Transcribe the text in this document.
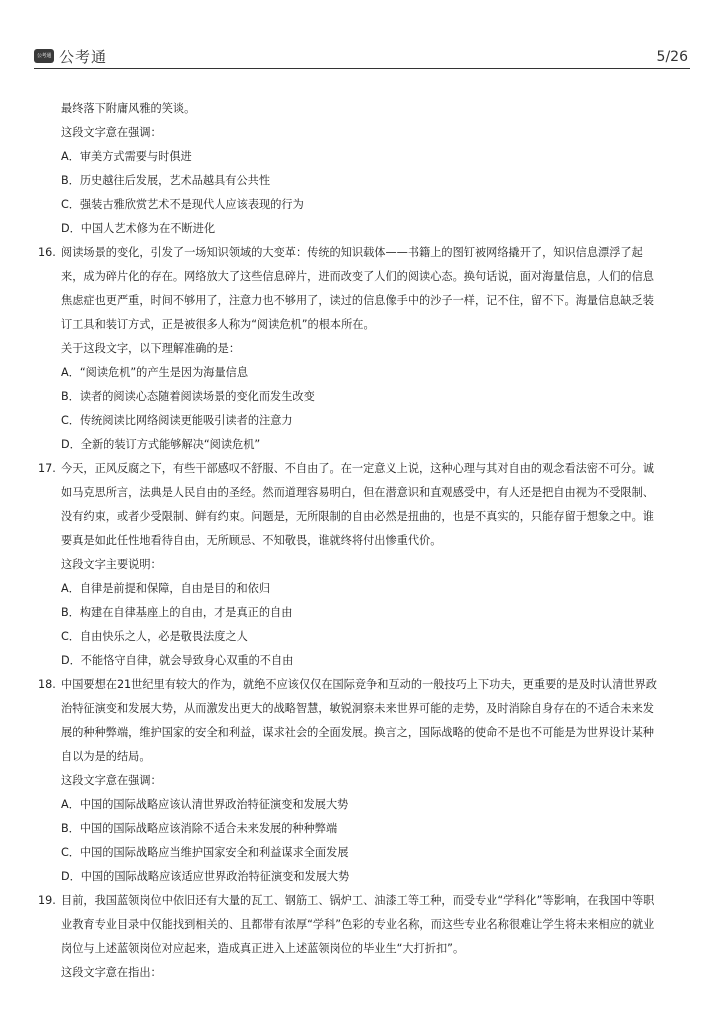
公考通 公考通	5/26
最终落下附庸风雅的笑谈。
这段文字意在强调：
A．审美方式需要与时俱进
B．历史越往后发展，艺术品越具有公共性
C．强装古雅欣赏艺术不是现代人应该表现的行为
D．中国人艺术修为在不断进化
16. 阅读场景的变化，引发了一场知识领域的大变革：传统的知识载体——书籍上的图钉被网络撬开了，知识信息漂浮了起
来，成为碎片化的存在。网络放大了这些信息碎片，进而改变了人们的阅读心态。换句话说，面对海量信息，人们的信息
焦虑症也更严重，时间不够用了，注意力也不够用了，读过的信息像手中的沙子一样，记不住，留不下。海量信息缺乏装
订工具和装订方式，正是被很多人称为“阅读危机”的根本所在。
关于这段文字，以下理解准确的是：
A．“阅读危机”的产生是因为海量信息
B．读者的阅读心态随着阅读场景的变化而发生改变
C．传统阅读比网络阅读更能吸引读者的注意力
D．全新的装订方式能够解决“阅读危机”
17. 今天，正风反腐之下，有些干部感叹不舒服、不自由了。在一定意义上说，这种心理与其对自由的观念看法密不可分。诚
如马克思所言，法典是人民自由的圣经。然而道理容易明白，但在潜意识和直观感受中，有人还是把自由视为不受限制、
没有约束，或者少受限制、鲜有约束。问题是，无所限制的自由必然是扭曲的，也是不真实的，只能存留于想象之中。谁
要真是如此任性地看待自由，无所顾忌、不知敬畏，谁就终将付出惨重代价。
这段文字主要说明：
A．自律是前提和保障，自由是目的和依归
B．构建在自律基座上的自由，才是真正的自由
C．自由快乐之人，必是敬畏法度之人
D．不能恪守自律，就会导致身心双重的不自由
18. 中国要想在21世纪里有较大的作为，就绝不应该仅仅在国际竞争和互动的一般技巧上下功夫，更重要的是及时认清世界政
治特征演变和发展大势，从而激发出更大的战略智慧，敏锐洞察未来世界可能的走势，及时消除自身存在的不适合未来发
展的种种弊端，维护国家的安全和利益，谋求社会的全面发展。换言之，国际战略的使命不是也不可能是为世界设计某种
自以为是的结局。
这段文字意在强调：
A．中国的国际战略应该认清世界政治特征演变和发展大势
B．中国的国际战略应该消除不适合未来发展的种种弊端
C．中国的国际战略应当维护国家安全和利益谋求全面发展
D．中国的国际战略应该适应世界政治特征演变和发展大势
19. 目前，我国蓝领岗位中依旧还有大量的瓦工、钢筋工、锅炉工、油漆工等工种，而受专业“学科化”等影响，在我国中等职
业教育专业目录中仅能找到相关的、且都带有浓厚“学科”色彩的专业名称，而这些专业名称很难让学生将未来相应的就业
岗位与上述蓝领岗位对应起来，造成真正进入上述蓝领岗位的毕业生“大打折扣”。
这段文字意在指出：
